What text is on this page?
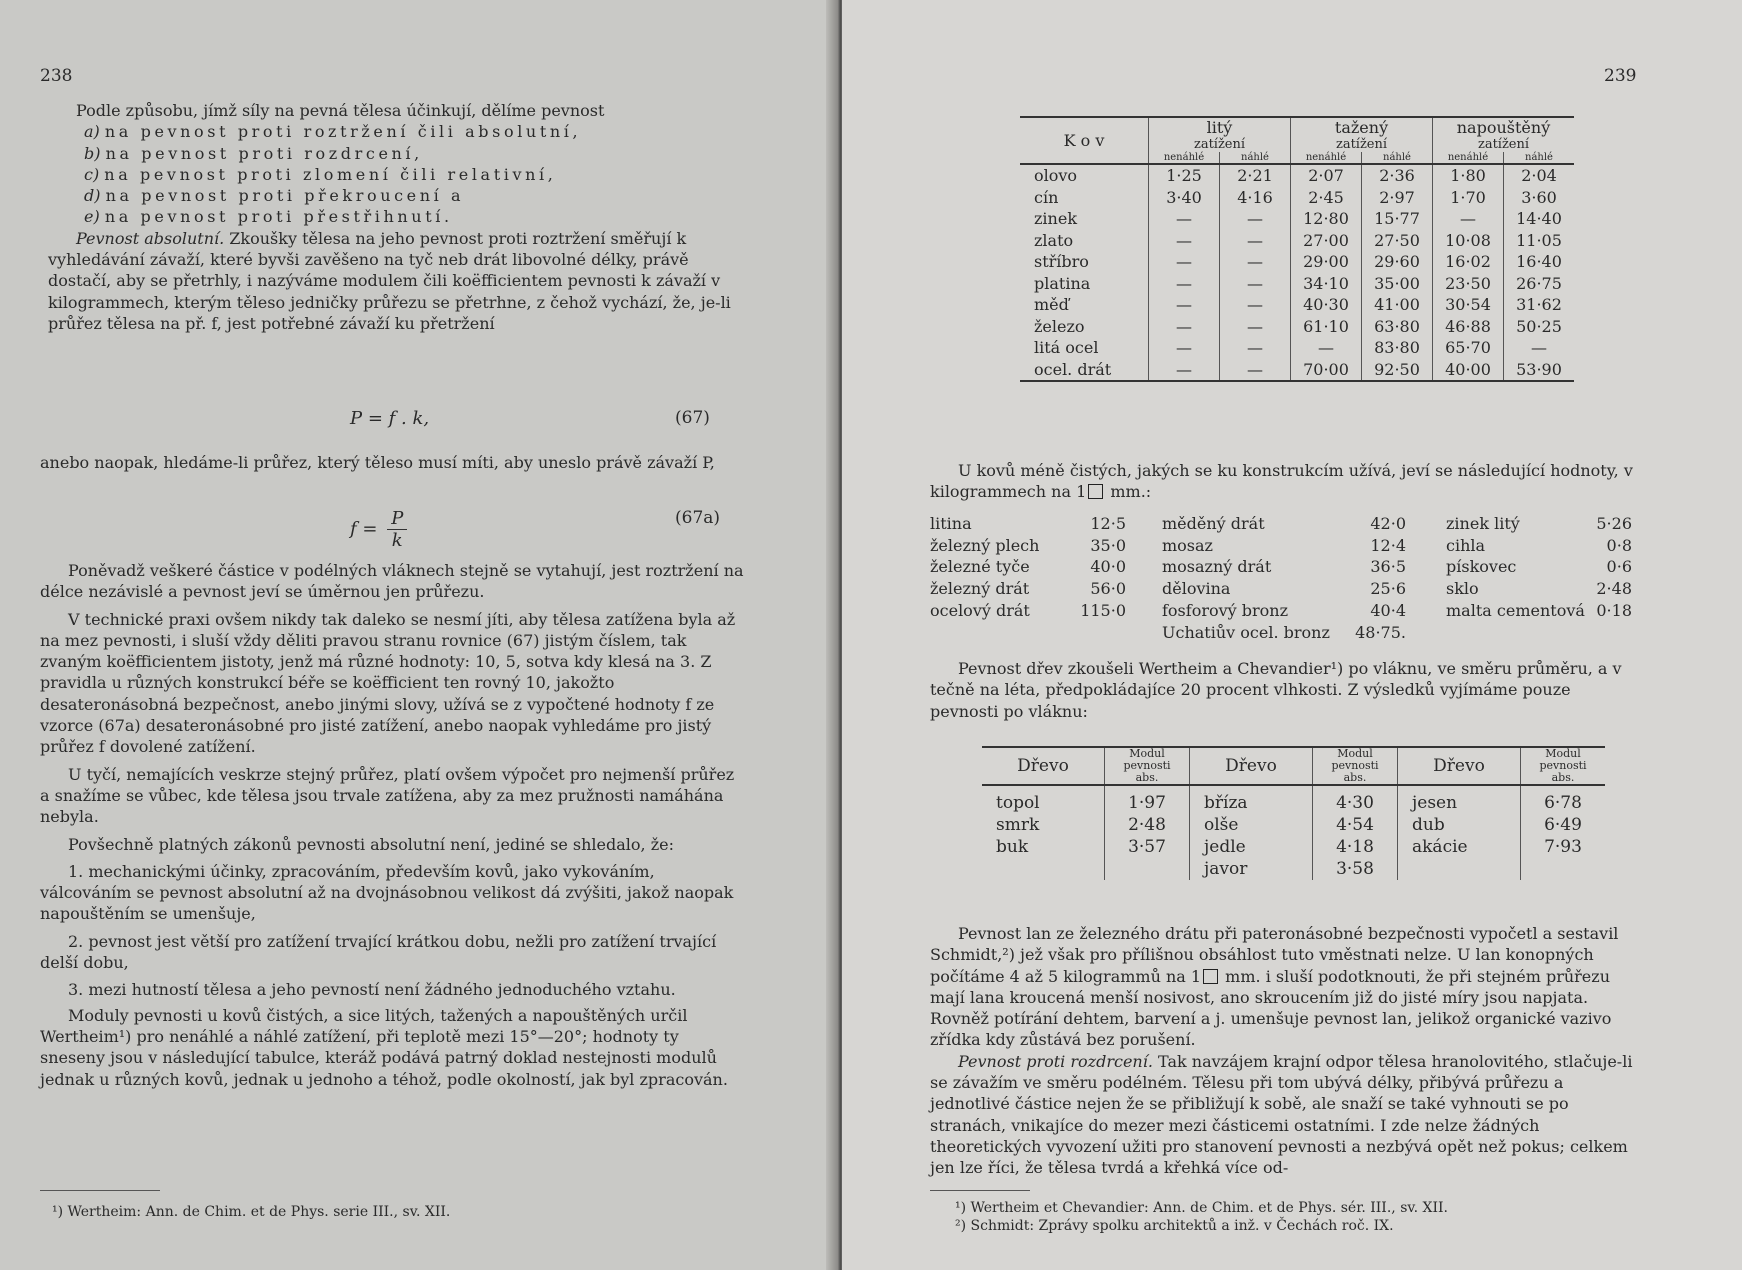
238

Podle způsobu, jímž síly na pevná tělesa účinkují, dělíme pevnost

a) na pevnost proti roztržení čili absolutní,
b) na pevnost proti rozdrcení,
c) na pevnost proti zlomení čili relativní,
d) na pevnost proti překroucení a
e) na pevnost proti přestřihnutí.

Pevnost absolutní. Zkoušky tělesa na jeho pevnost proti roztržení směřují k vyhledávání závaží, které byvši zavěšeno na tyč neb drát libovolné délky, právě dostačí, aby se přetrhly, i nazýváme modulem čili koëfficientem pevnosti k závaží v kilogrammech, kterým těleso jedničky průřezu se přetrhne, z čehož vychází, že, je-li průřez tělesa na př. f, jest potřebné závaží ku přetržení

P = f . k,	(67)

anebo naopak, hledáme-li průřez, který těleso musí míti, aby uneslo právě závaží P,

$f = \frac{P}{k}$	(67a)

Poněvadž veškeré částice v podélných vláknech stejně se vytahují, jest roztržení na délce nezávislé a pevnost jeví se úměrnou jen průřezu.

V technické praxi ovšem nikdy tak daleko se nesmí jíti, aby tělesa zatížena byla až na mez pevnosti, i sluší vždy děliti pravou stranu rovnice (67) jistým číslem, tak zvaným koëfficientem jistoty, jenž má různé hodnoty: 10, 5, sotva kdy klesá na 3. Z pravidla u různých konstrukcí béře se koëfficient ten rovný 10, jakožto desateronásobná bezpečnost, anebo jinými slovy, užívá se z vypočtené hodnoty f ze vzorce (67a) desateronásobné pro jisté zatížení, anebo naopak vyhledáme pro jistý průřez f dovolené zatížení.

U tyčí, nemajících veskrze stejný průřez, platí ovšem výpočet pro nejmenší průřez a snažíme se vůbec, kde tělesa jsou trvale zatížena, aby za mez pružnosti namáhána nebyla.

Povšechně platných zákonů pevnosti absolutní není, jediné se shledalo, že:

1. mechanickými účinky, zpracováním, především kovů, jako vykováním, válcováním se pevnost absolutní až na dvojnásobnou velikost dá zvýšiti, jakož naopak napouštěním se umenšuje,

2. pevnost jest větší pro zatížení trvající krátkou dobu, nežli pro zatížení trvající delší dobu,

3. mezi hutností tělesa a jeho pevností není žádného jednoduchého vztahu.

Moduly pevnosti u kovů čistých, a sice litých, tažených a napouštěných určil Wertheim¹) pro nenáhlé a náhlé zatížení, při teplotě mezi 15°—20°; hodnoty ty sneseny jsou v následující tabulce, kteráž podává patrný doklad nestejnosti modulů jednak u různých kovů, jednak u jednoho a téhož, podle okolností, jak byl zpracován.

¹) Wertheim: Ann. de Chim. et de Phys. serie III., sv. XII.
239
K o v	litý		tažený		napouštěný	
	zatížení		zatížení		zatížení	
	nenáhlé	náhlé	nenáhlé	náhlé	nenáhlé	náhlé
olovo	1·25	2·21	2·07	2·36	1·80	2·04
cín	3·40	4·16	2·45	2·97	1·70	3·60
zinek	—	—	12·80	15·77	—	14·40
zlato	—	—	27·00	27·50	10·08	11·05
stříbro	—	—	29·00	29·60	16·02	16·40
platina	—	—	34·10	35·00	23·50	26·75
měď	—	—	40·30	41·00	30·54	31·62
železo	—	—	61·10	63·80	46·88	50·25
litá ocel	—	—	—	83·80	65·70	—
ocel. drát	—	—	70·00	92·50	40·00	53·90

U kovů méně čistých, jakých se ku konstrukcím užívá, jeví se následující hodnoty, v kilogrammech na 1 mm.:

litina	12·5
železný plech	35·0
železné tyče	40·0
železný drát	56·0
ocelový drát	115·0
měděný drát	42·0
mosaz	12·4
mosazný drát	36·5
dělovina	25·6
fosforový bronz	40·4
Uchatiův ocel. bronz 48·75.
zinek litý	5·26
cihla	0·8
pískovec	0·6
sklo	2·48
malta cementová 0·18

Pevnost dřev zkoušeli Wertheim a Chevandier¹) po vláknu, ve směru průměru, a v tečně na léta, předpokládajíce 20 procent vlhkosti. Z výsledků vyjímáme pouze pevnosti po vláknu:

Dřevo	Modul pevnosti abs.	Dřevo	Modul pevnosti abs.	Dřevo	Modul pevnosti abs.
topol	1·97	bříza	4·30	jesen	6·78
smrk	2·48	olše	4·54	dub	6·49
buk	3·57	jedle	4·18	akácie	7·93
		javor	3·58		

Pevnost lan ze železného drátu při pateronásobné bezpečnosti vypočetl a sestavil Schmidt,²) jež však pro přílišnou obsáhlost tuto vměstnati nelze. U lan konopných počítáme 4 až 5 kilogrammů na 1 mm. i sluší podotknouti, že při stejném průřezu mají lana kroucená menší nosivost, ano skroucením již do jisté míry jsou napjata. Rovněž potírání dehtem, barvení a j. umenšuje pevnost lan, jelikož organické vazivo zřídka kdy zůstává bez porušení.

Pevnost proti rozdrcení. Tak navzájem krajní odpor tělesa hranolovitého, stlačuje-li se závažím ve směru podélném. Tělesu při tom ubývá délky, přibývá průřezu a jednotlivé částice nejen že se přibližují k sobě, ale snaží se také vyhnouti se po stranách, vnikajíce do mezer mezi částicemi ostatními. I zde nelze žádných theoretických vyvození užiti pro stanovení pevnosti a nezbývá opět než pokus; celkem jen lze říci, že tělesa tvrdá a křehká více od-

¹) Wertheim et Chevandier: Ann. de Chim. et de Phys. sér. III., sv. XII.
²) Schmidt: Zprávy spolku architektů a inž. v Čechách roč. IX.
